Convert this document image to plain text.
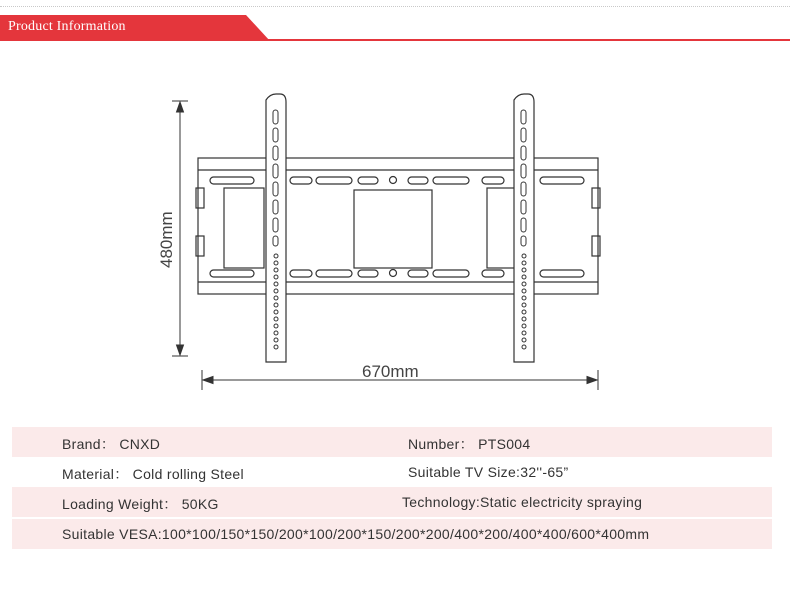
Product Information
480mm
670mm
Brand： CNXD	Number： PTS004
Material： Cold rolling Steel	Suitable TV Size:32''-65”
Loading Weight： 50KG	Technology:Static electricity spraying
Suitable VESA:100*100/150*150/200*100/200*150/200*200/400*200/400*400/600*400mm
